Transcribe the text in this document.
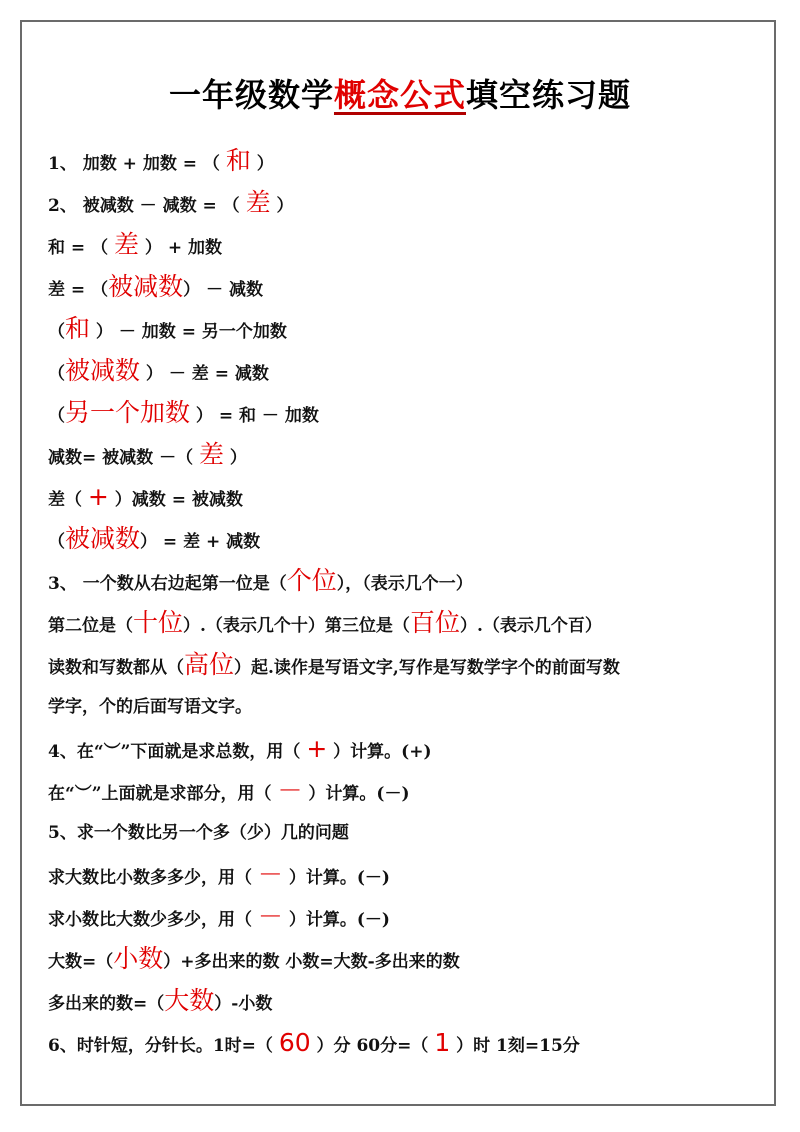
一年级数学概念公式填空练习题
1、 加数 + 加数 = （ 和 ）
2、 被减数 － 减数 = （ 差 ）
和 = （ 差 ） + 加数
差 = （被减数） － 减数
（和 ） － 加数 = 另一个加数
（被减数 ） － 差 = 减数
（另一个加数 ） = 和 － 加数
减数= 被减数 －（ 差 ）
差（ + ）减数 = 被减数
（被减数） = 差 + 减数
3、 一个数从右边起第一位是（个位），（表示几个一）
第二位是（十位）.（表示几个十）第三位是（百位）.（表示几个百）
读数和写数都从（高位）起.读作是写语文字,写作是写数学字个的前面写数
学字，个的后面写语文字。
4、在“︶”下面就是求总数，用（ + ）计算。(+)
在“︶”上面就是求部分，用（ － ）计算。(－)
5、求一个数比另一个多（少）几的问题
求大数比小数多多少，用（ － ）计算。(－)
求小数比大数少多少，用（ － ）计算。(－)
大数=（小数）+多出来的数 小数=大数-多出来的数
多出来的数=（大数）-小数
6、时针短，分针长。1时=（ 60 ）分 60分=（ 1 ）时 1刻=15分
